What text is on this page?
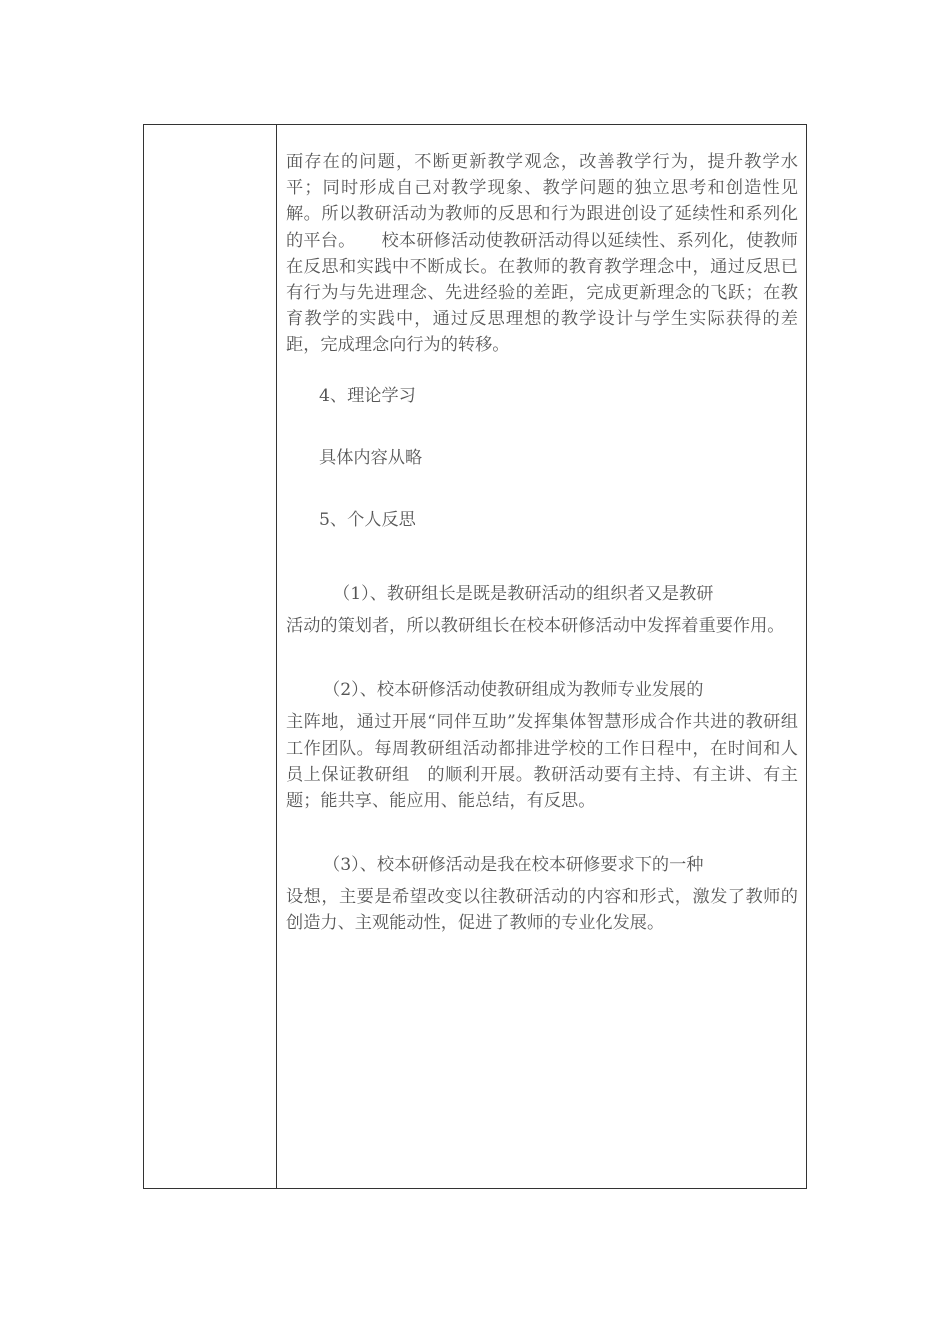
面存在的问题，不断更新教学观念，改善教学行为，提升教学水平；同时形成自己对教学现象、教学问题的独立思考和创造性见解。所以教研活动为教师的反思和行为跟进创设了延续性和系列化的平台。　　校本研修活动使教研活动得以延续性、系列化，使教师在反思和实践中不断成长。在教师的教育教学理念中，通过反思已有行为与先进理念、先进经验的差距，完成更新理念的飞跃；在教育教学的实践中，通过反思理想的教学设计与学生实际获得的差距，完成理念向行为的转移。

4、理论学习

具体内容从略

5、个人反思

（1）、教研组长是既是教研活动的组织者又是教研

活动的策划者，所以教研组长在校本研修活动中发挥着重要作用。

（2）、校本研修活动使教研组成为教师专业发展的

主阵地，通过开展“同伴互助”发挥集体智慧形成合作共进的教研组工作团队。每周教研组活动都排进学校的工作日程中，在时间和人员上保证教研组　的顺利开展。教研活动要有主持、有主讲、有主题；能共享、能应用、能总结，有反思。

（3）、校本研修活动是我在校本研修要求下的一种

设想，主要是希望改变以往教研活动的内容和形式，激发了教师的创造力、主观能动性，促进了教师的专业化发展。
